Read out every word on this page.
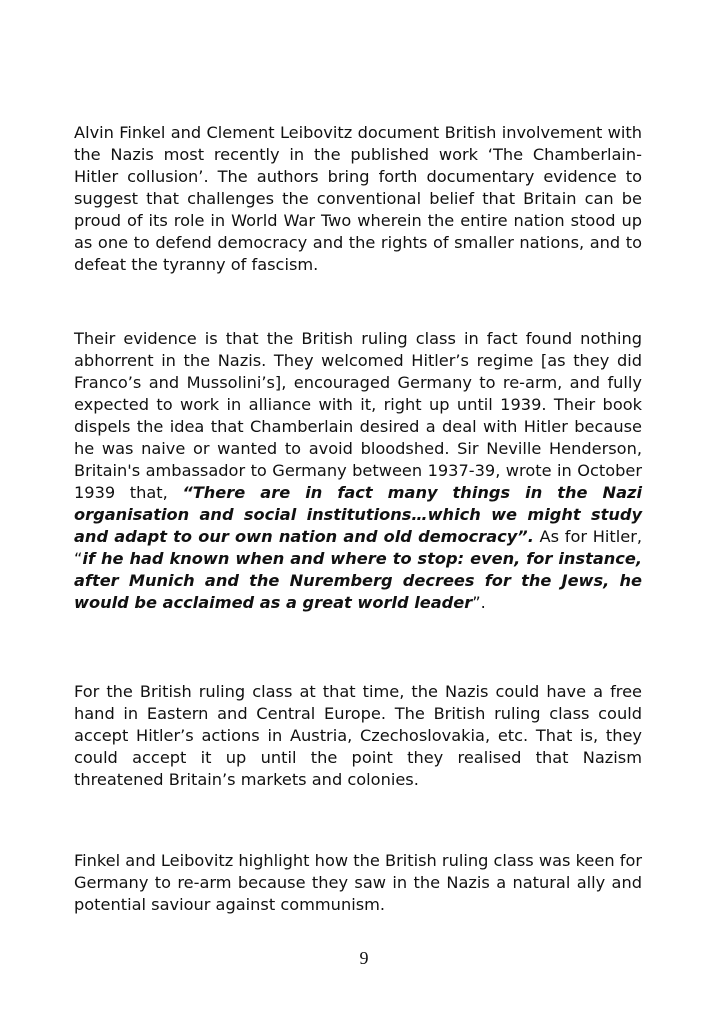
Alvin Finkel and Clement Leibovitz document British involvement with the Nazis most recently in the published work ‘The Chamberlain-Hitler collusion’. The authors bring forth documentary evidence to suggest that challenges the conventional belief that Britain can be proud of its role in World War Two wherein the entire nation stood up as one to defend democracy and the rights of smaller nations, and to defeat the tyranny of fascism.

Their evidence is that the British ruling class in fact found nothing abhorrent in the Nazis. They welcomed Hitler’s regime [as they did Franco’s and Mussolini’s], encouraged Germany to re-arm, and fully expected to work in alliance with it, right up until 1939. Their book dispels the idea that Chamberlain desired a deal with Hitler because he was naive or wanted to avoid bloodshed. Sir Neville Henderson, Britain's ambassador to Germany between 1937-39, wrote in October 1939 that, “There are in fact many things in the Nazi organisation and social institutions…which we might study and adapt to our own nation and old democracy”. As for Hitler, “if he had known when and where to stop: even, for instance, after Munich and the Nuremberg decrees for the Jews, he would be acclaimed as a great world leader”.

For the British ruling class at that time, the Nazis could have a free hand in Eastern and Central Europe. The British ruling class could accept Hitler’s actions in Austria, Czechoslovakia, etc. That is, they could accept it up until the point they realised that Nazism threatened Britain’s markets and colonies.

Finkel and Leibovitz highlight how the British ruling class was keen for Germany to re-arm because they saw in the Nazis a natural ally and potential saviour against communism.

9
